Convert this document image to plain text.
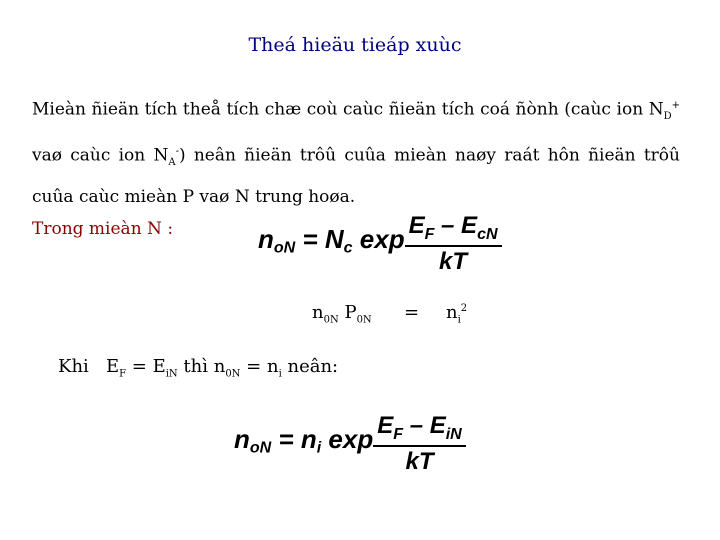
Theá hieäu tieáp xuùc
Mieàn ñieän tích theå tích chæ coù caùc ñieän tích coá ñònh (caùc ion $N_D^+$ vaø caùc ion $N_A^-$) neân ñieän trôû cuûa mieàn naøy raát hôn ñieän trôû cuûa caùc mieàn P vaø N trung hoøa.
Trong mieàn N :	$n_{oN} = N_c$ $\exp \frac{E_F - E_{cN}}{kT}$
$n_{0N}$ $P_{0N} = n_i^2$
Khi $E_F = E_{iN}$ thì $n_{0N} = n_i$ neân:
$n_{oN} = n_i$ $\exp \frac{E_F - E_{iN}}{kT}$
